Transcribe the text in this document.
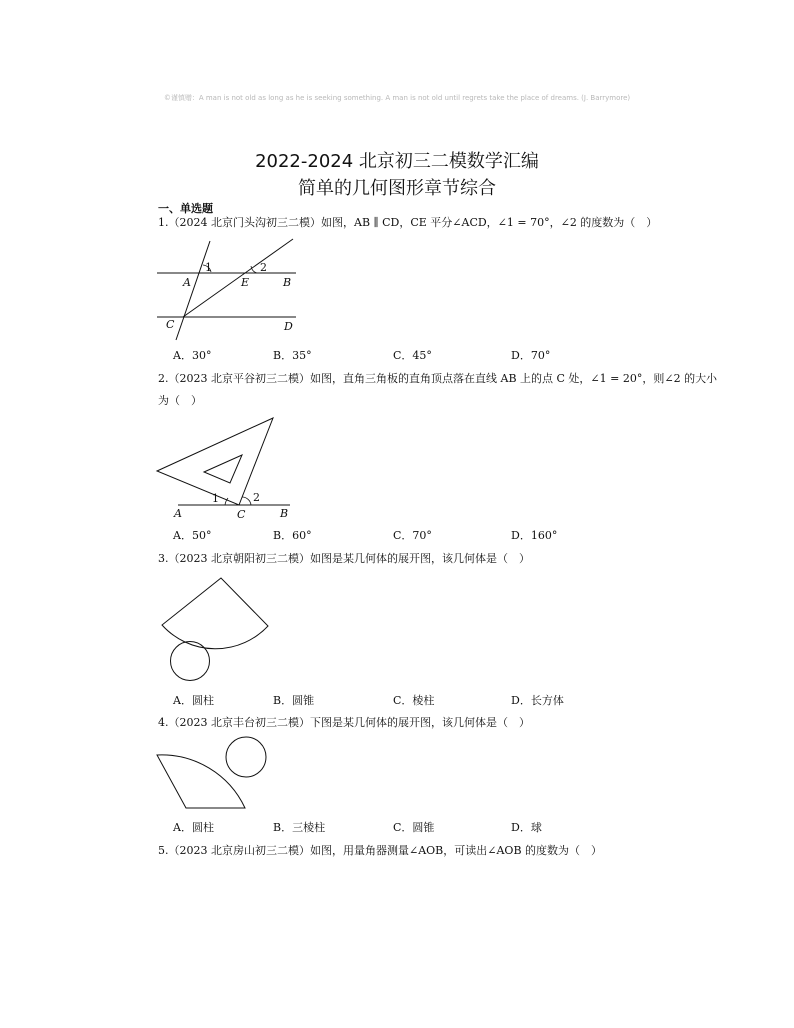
©谨慎赠：A man is not old as long as he is seeking something. A man is not old until regrets take the place of dreams. (J. Barrymore)
2022-2024 北京初三二模数学汇编
简单的几何图形章节综合
一、单选题
1.（2024 北京门头沟初三二模）如图，AB ∥ CD，CE 平分∠ACD，∠1 = 70°，∠2 的度数为（　）
1	2
A	E	B
C	D
A．30°	B．35°	C．45°	D．70°
2.（2023 北京平谷初三二模）如图，直角三角板的直角顶点落在直线 AB 上的点 C 处，∠1 = 20°，则∠2 的大小为（　）
1	2
A	C	B
A．50°	B．60°	C．70°	D．160°
3.（2023 北京朝阳初三二模）如图是某几何体的展开图，该几何体是（　）
A．圆柱	B．圆锥	C．棱柱	D．长方体
4.（2023 北京丰台初三二模）下图是某几何体的展开图，该几何体是（　）
A．圆柱	B．三棱柱	C．圆锥	D．球
5.（2023 北京房山初三二模）如图，用量角器测量∠AOB，可读出∠AOB 的度数为（　）
